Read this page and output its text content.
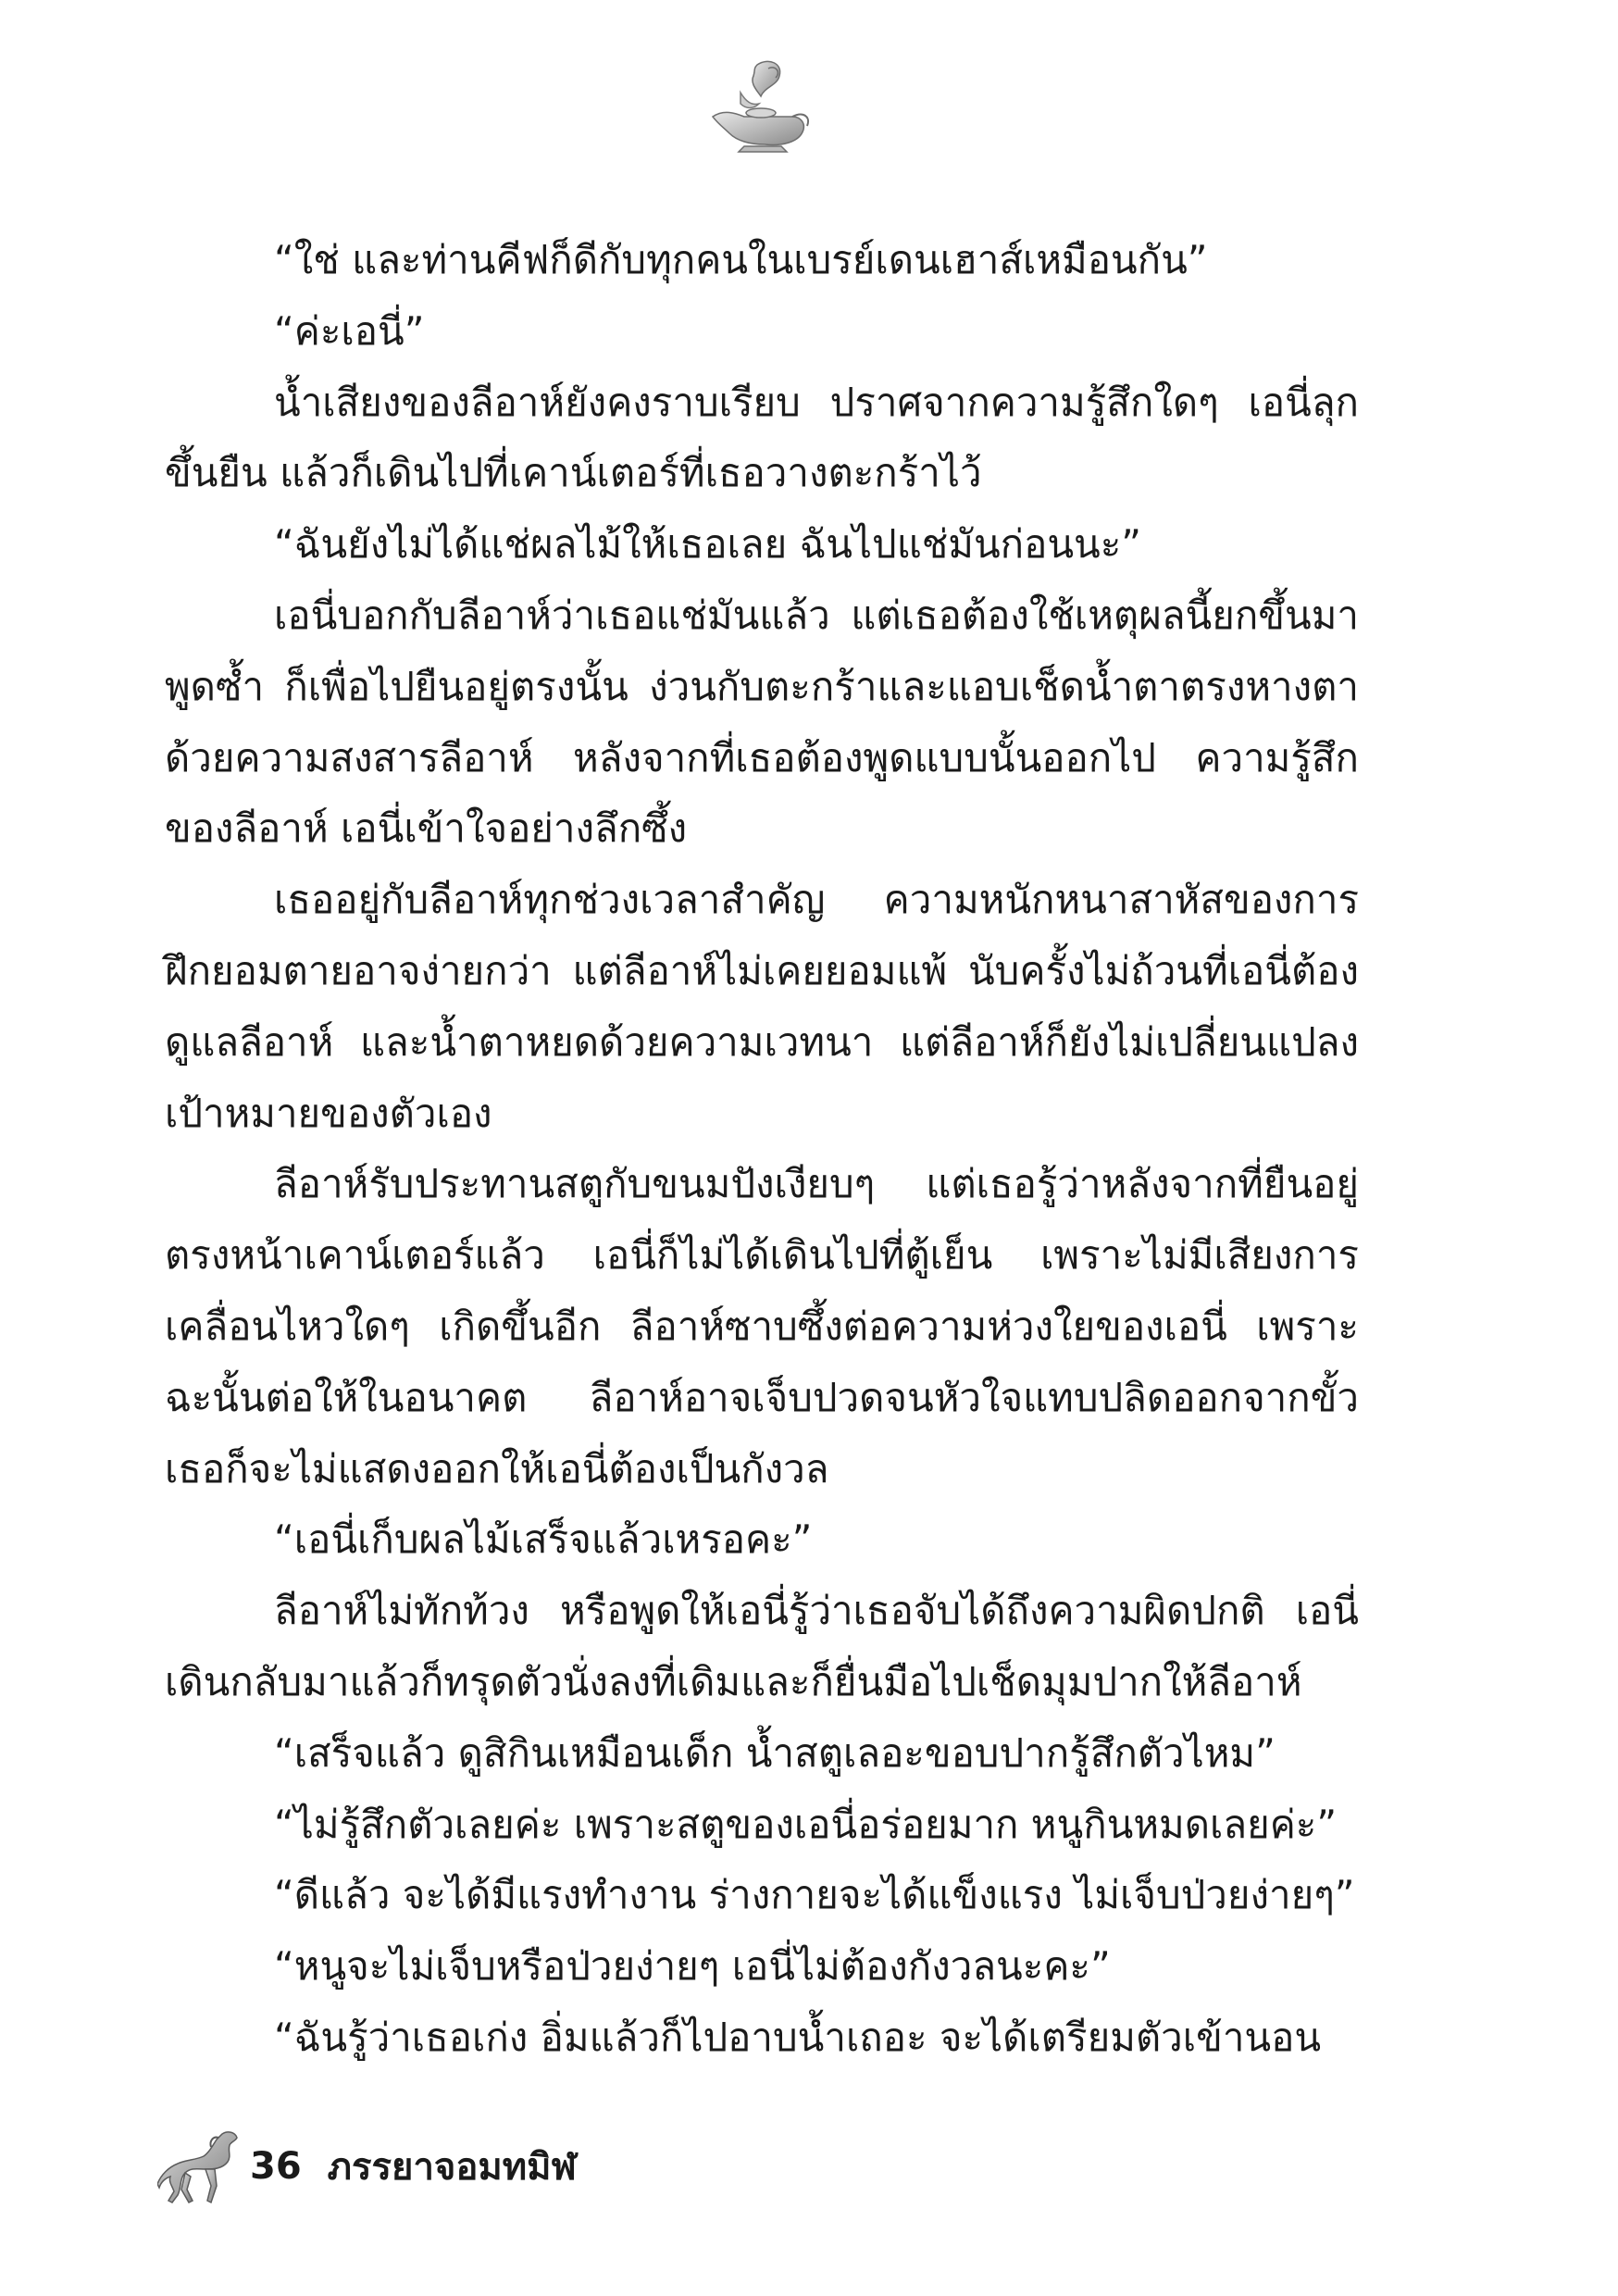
“ใช่ และท่านคีฟก็ดีกับทุกคนในเบรย์เดนเฮาส์เหมือนกัน”

“ค่ะเอนี่”

น้ำเสียงของลีอาห์ยังคงราบเรียบ ปราศจากความรู้สึกใดๆ เอนี่ลุกขึ้นยืน แล้วก็เดินไปที่เคาน์เตอร์ที่เธอวางตะกร้าไว้

“ฉันยังไม่ได้แช่ผลไม้ให้เธอเลย ฉันไปแช่มันก่อนนะ”

เอนี่บอกกับลีอาห์ว่าเธอแช่มันแล้ว แต่เธอต้องใช้เหตุผลนี้ยกขึ้นมาพูดซ้ำ ก็เพื่อไปยืนอยู่ตรงนั้น ง่วนกับตะกร้าและแอบเช็ดน้ำตาตรงหางตาด้วยความสงสารลีอาห์ หลังจากที่เธอต้องพูดแบบนั้นออกไป ความรู้สึกของลีอาห์ เอนี่เข้าใจอย่างลึกซึ้ง

เธออยู่กับลีอาห์ทุกช่วงเวลาสำคัญ ความหนักหนาสาหัสของการฝึกยอมตายอาจง่ายกว่า แต่ลีอาห์ไม่เคยยอมแพ้ นับครั้งไม่ถ้วนที่เอนี่ต้องดูแลลีอาห์ และน้ำตาหยดด้วยความเวทนา แต่ลีอาห์ก็ยังไม่เปลี่ยนแปลงเป้าหมายของตัวเอง

ลีอาห์รับประทานสตูกับขนมปังเงียบๆ แต่เธอรู้ว่าหลังจากที่ยืนอยู่ตรงหน้าเคาน์เตอร์แล้ว เอนี่ก็ไม่ได้เดินไปที่ตู้เย็น เพราะไม่มีเสียงการเคลื่อนไหวใดๆ เกิดขึ้นอีก ลีอาห์ซาบซึ้งต่อความห่วงใยของเอนี่ เพราะฉะนั้นต่อให้ในอนาคต ลีอาห์อาจเจ็บปวดจนหัวใจแทบปลิดออกจากขั้ว เธอก็จะไม่แสดงออกให้เอนี่ต้องเป็นกังวล

“เอนี่เก็บผลไม้เสร็จแล้วเหรอคะ”

ลีอาห์ไม่ทักท้วง หรือพูดให้เอนี่รู้ว่าเธอจับได้ถึงความผิดปกติ เอนี่เดินกลับมาแล้วก็ทรุดตัวนั่งลงที่เดิมและก็ยื่นมือไปเช็ดมุมปากให้ลีอาห์

“เสร็จแล้ว ดูสิกินเหมือนเด็ก น้ำสตูเลอะขอบปากรู้สึกตัวไหม”

“ไม่รู้สึกตัวเลยค่ะ เพราะสตูของเอนี่อร่อยมาก หนูกินหมดเลยค่ะ”

“ดีแล้ว จะได้มีแรงทำงาน ร่างกายจะได้แข็งแรง ไม่เจ็บป่วยง่ายๆ”

“หนูจะไม่เจ็บหรือป่วยง่ายๆ เอนี่ไม่ต้องกังวลนะคะ”

“ฉันรู้ว่าเธอเก่ง อิ่มแล้วก็ไปอาบน้ำเถอะ จะได้เตรียมตัวเข้านอน

36 ภรรยาจอมทมิฬ
